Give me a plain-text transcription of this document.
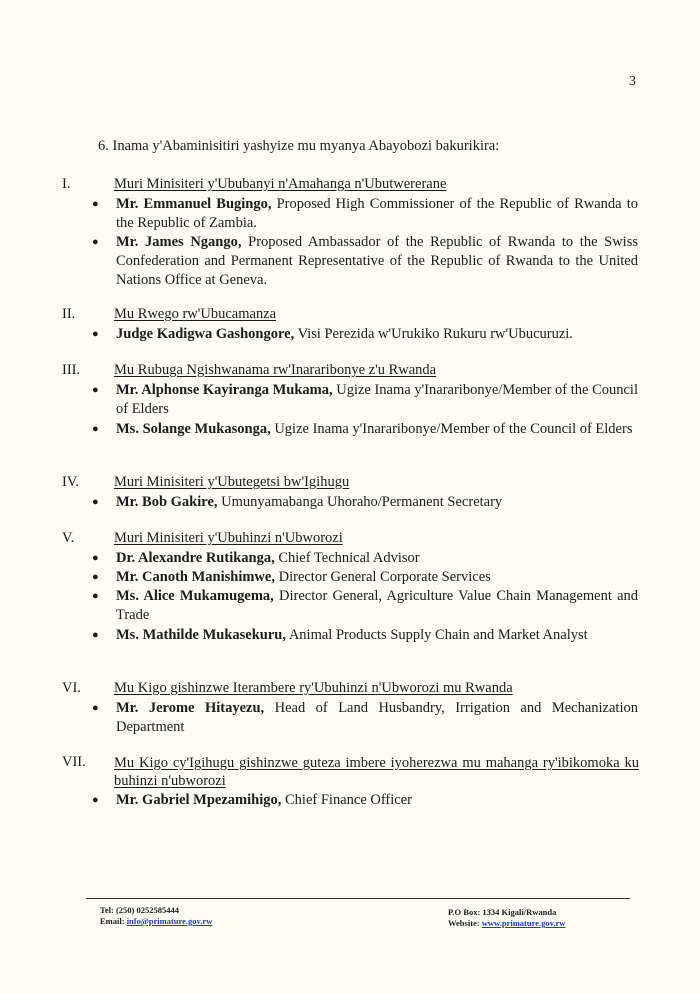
3
6. Inama y'Abaminisitiri yashyize mu myanya Abayobozi bakurikira:
I.	Muri Minisiteri y'Ububanyi n'Amahanga n'Ubutwererane
●	Mr. Emmanuel Bugingo, Proposed High Commissioner of the Republic of Rwanda to the Republic of Zambia.
●	Mr. James Ngango, Proposed Ambassador of the Republic of Rwanda to the Swiss Confederation and Permanent Representative of the Republic of Rwanda to the United Nations Office at Geneva.
II.	Mu Rwego rw'Ubucamanza
●	Judge Kadigwa Gashongore, Visi Perezida w'Urukiko Rukuru rw'Ubucuruzi.
III. Mu Rubuga Ngishwanama rw'Inararibonye z'u Rwanda
●	Mr. Alphonse Kayiranga Mukama, Ugize Inama y'Inararibonye/Member of the Council of Elders
●	Ms. Solange Mukasonga, Ugize Inama y'Inararibonye/Member of the Council of Elders
IV. Muri Minisiteri y'Ubutegetsi bw'Igihugu
●	Mr. Bob Gakire, Umunyamabanga Uhoraho/Permanent Secretary
V.	Muri Minisiteri y'Ubuhinzi n'Ubworozi
●	Dr. Alexandre Rutikanga, Chief Technical Advisor
●	Mr. Canoth Manishimwe, Director General Corporate Services
●	Ms. Alice Mukamugema, Director General, Agriculture Value Chain Management and Trade
●	Ms. Mathilde Mukasekuru, Animal Products Supply Chain and Market Analyst
VI. Mu Kigo gishinzwe Iterambere ry'Ubuhinzi n'Ubworozi mu Rwanda
●	Mr. Jerome Hitayezu, Head of Land Husbandry, Irrigation and Mechanization Department
VII. Mu Kigo cy'Igihugu gishinzwe guteza imbere iyoherezwa mu mahanga ry'ibikomoka ku buhinzi n'ubworozi
●	Mr. Gabriel Mpezamihigo, Chief Finance Officer
Tel: (250) 0252585444
Email: info@primature.gov.rw
P.O Box: 1334 Kigali/Rwanda
Website: www.primature.gov.rw
